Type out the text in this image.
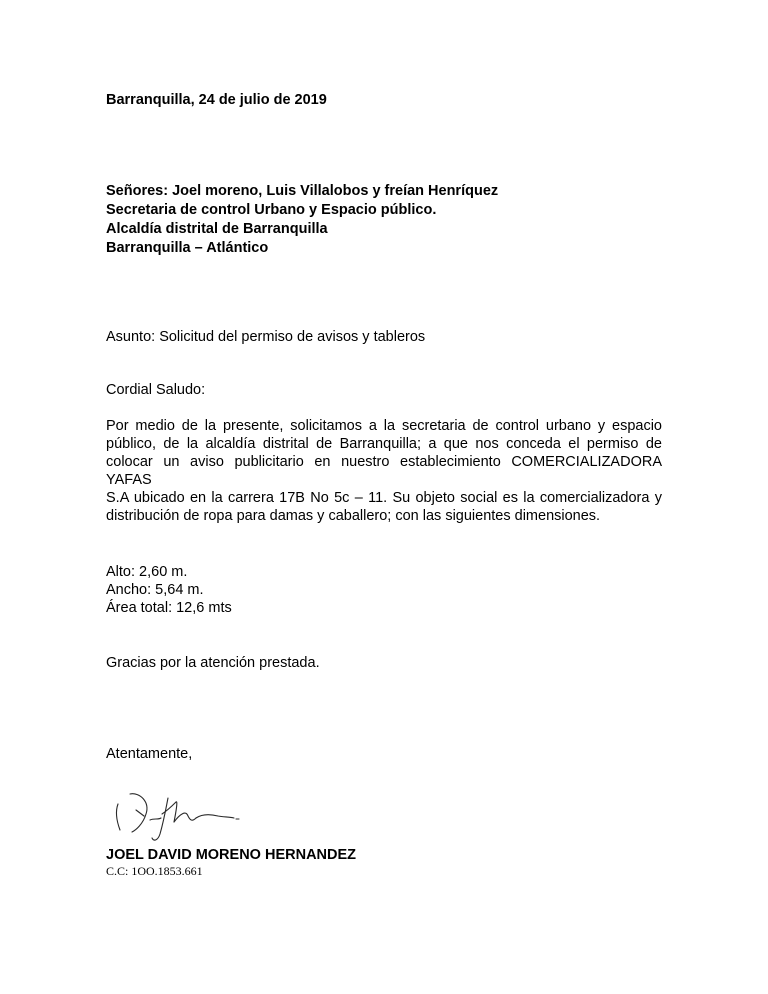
Barranquilla, 24 de julio de 2019
Señores: Joel moreno, Luis Villalobos y freían Henríquez
Secretaria de control Urbano y Espacio público.
Alcaldía distrital de Barranquilla
Barranquilla – Atlántico
Asunto: Solicitud del permiso de avisos y tableros
Cordial Saludo:
Por medio de la presente, solicitamos a la secretaria de control urbano y espacio
público, de la alcaldía distrital de Barranquilla; a que nos conceda el permiso de
colocar un aviso publicitario en nuestro establecimiento COMERCIALIZADORA YAFAS
S.A ubicado en la carrera 17B No 5c – 11. Su objeto social es la comercializadora y
distribución de ropa para damas y caballero; con las siguientes dimensiones.
Alto: 2,60 m.
Ancho: 5,64 m.
Área total: 12,6 mts
Gracias por la atención prestada.
Atentamente,
JOEL DAVID MORENO HERNANDEZ
C.C: 1OO.1853.661
